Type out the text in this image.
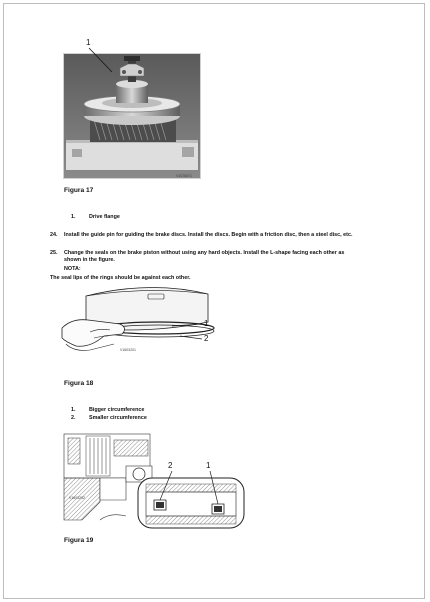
1
V1076571
Figura 17
1.	Drive flange
24. Install the guide pin for guiding the brake discs. Install the discs. Begin with a friction disc, then a steel disc, etc.
25. Change the seals on the brake piston without using any hard objects. Install the L-shape facing each other as
shown in the figure.
NOTA:
The seal lips of the rings should be against each other.
1
2
V1603201
Figura 18
1.	Bigger circumference
2.	Smaller circumference
2	1
V1603202
Figura 19
